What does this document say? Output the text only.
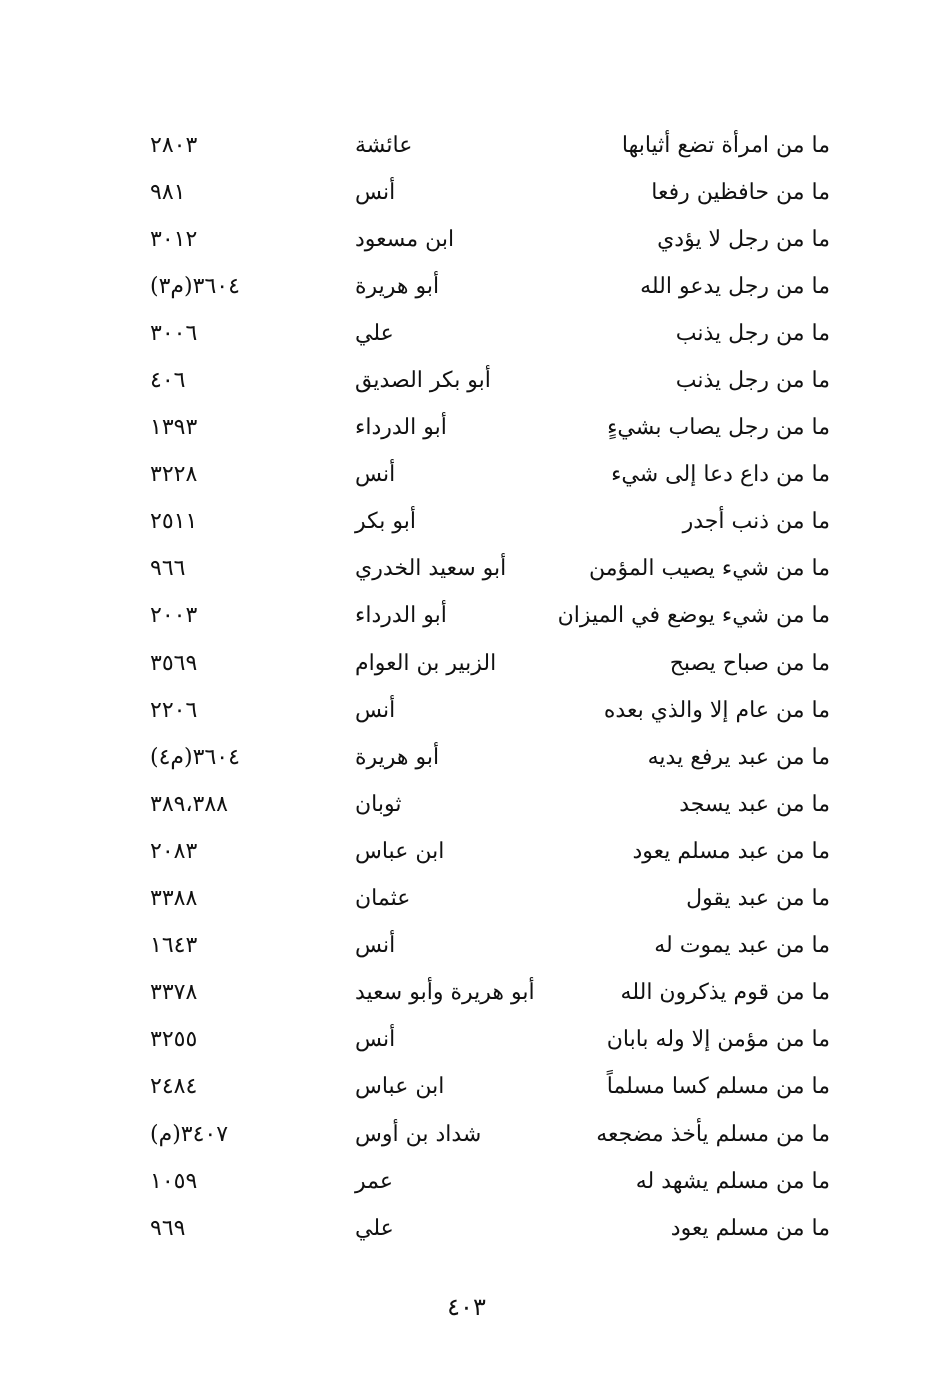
ما من امرأة تضع أثيابها
عائشة
٢٨٠٣
ما من حافظين رفعا
أنس
٩٨١
ما من رجل لا يؤدي
ابن مسعود
٣٠١٢
ما من رجل يدعو الله
أبو هريرة
٣٦٠٤(م٣)
ما من رجل يذنب
علي
٣٠٠٦
ما من رجل يذنب
أبو بكر الصديق
٤٠٦
ما من رجل يصاب بشيءٍ
أبو الدرداء
١٣٩٣
ما من داع دعا إلى شيء
أنس
٣٢٢٨
ما من ذنب أجدر
أبو بكر
٢٥١١
ما من شيء يصيب المؤمن
أبو سعيد الخدري
٩٦٦
ما من شيء يوضع في الميزان
أبو الدرداء
٢٠٠٣
ما من صباح يصبح
الزبير بن العوام
٣٥٦٩
ما من عام إلا والذي بعده
أنس
٢٢٠٦
ما من عبد يرفع يديه
أبو هريرة
٣٦٠٤(م٤)
ما من عبد يسجد
ثوبان
٣٨٩،٣٨٨
ما من عبد مسلم يعود
ابن عباس
٢٠٨٣
ما من عبد يقول
عثمان
٣٣٨٨
ما من عبد يموت له
أنس
١٦٤٣
ما من قوم يذكرون الله
أبو هريرة وأبو سعيد
٣٣٧٨
ما من مؤمن إلا وله بابان
أنس
٣٢٥٥
ما من مسلم كسا مسلماً
ابن عباس
٢٤٨٤
ما من مسلم يأخذ مضجعه
شداد بن أوس
٣٤٠٧(م)
ما من مسلم يشهد له
عمر
١٠٥٩
ما من مسلم يعود
علي
٩٦٩
٤٠٣
